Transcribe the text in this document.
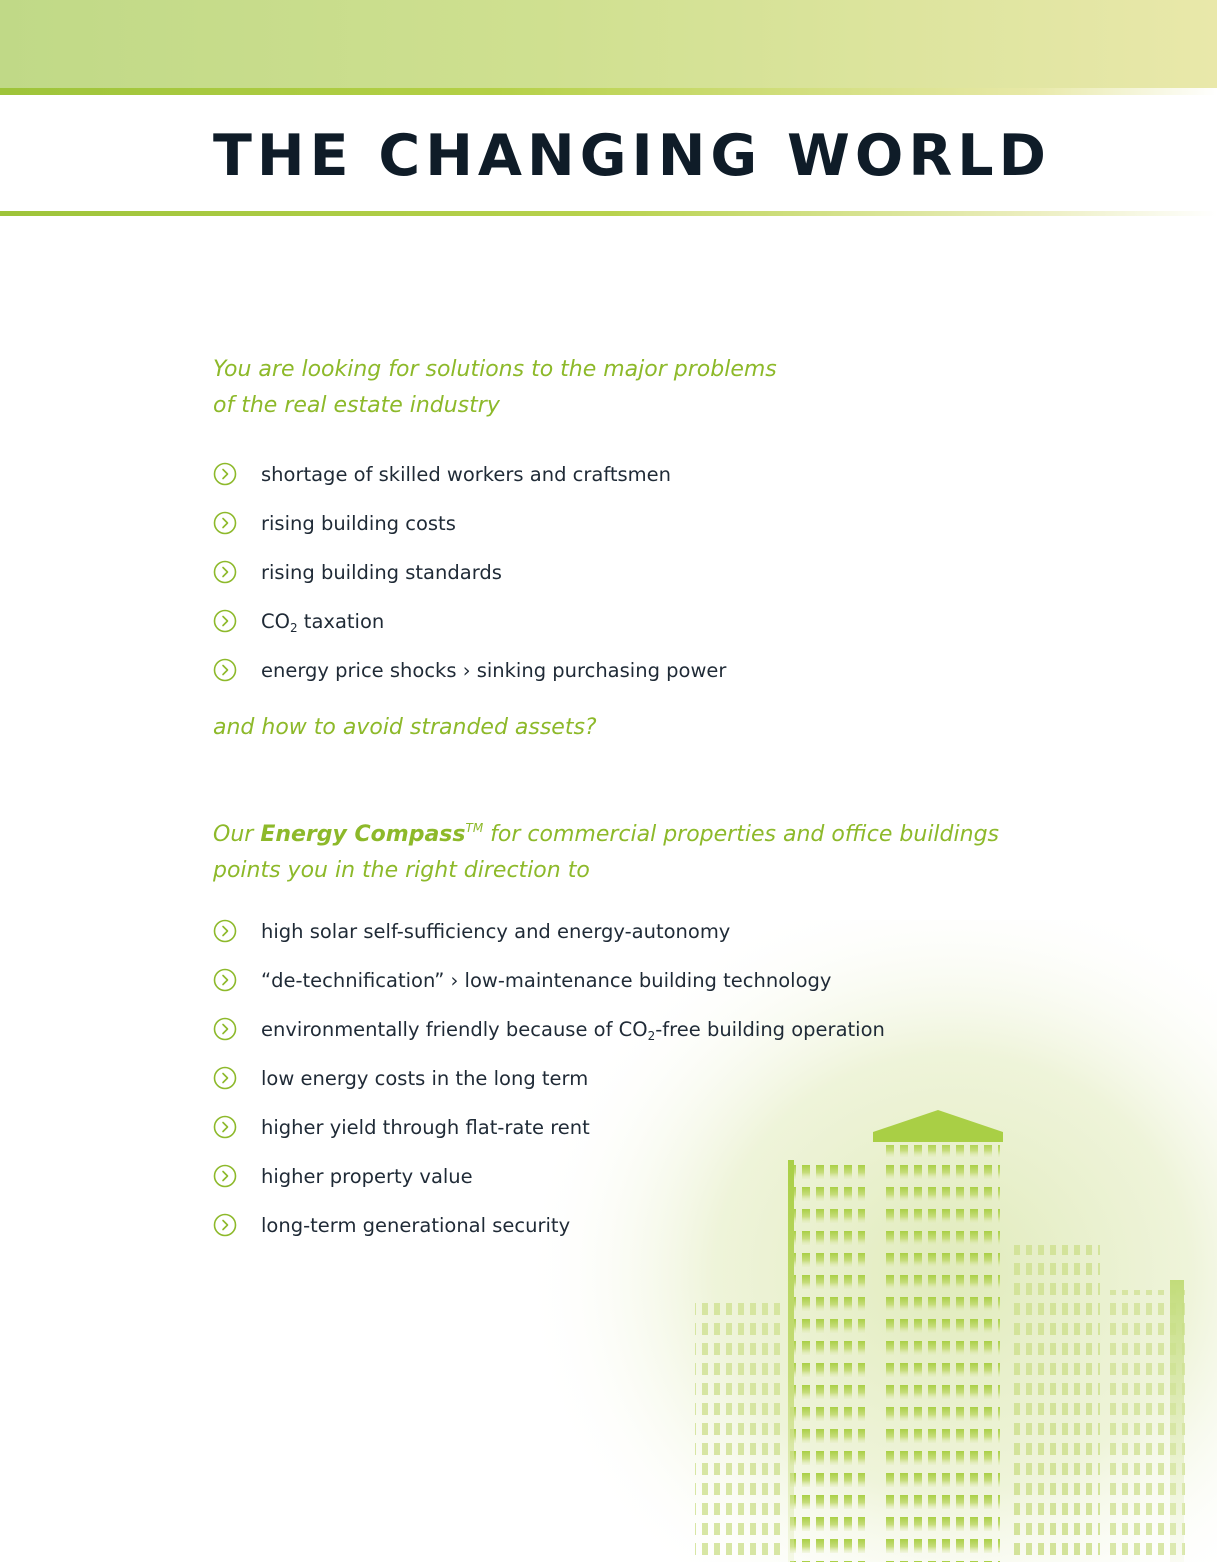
THE CHANGING WORLD

You are looking for solutions to the major problems
of the real estate industry

shortage of skilled workers and craftsmen
rising building costs
rising building standards
$CO_2$ taxation
energy price shocks › sinking purchasing power

and how to avoid stranded assets?

Our Energy Compass™ for commercial properties and office buildings
points you in the right direction to

high solar self-sufficiency and energy-autonomy
“de-technification” › low-maintenance building technology
environmentally friendly because of $CO_2$-free building operation
low energy costs in the long term
higher yield through flat-rate rent
higher property value
long-term generational security
